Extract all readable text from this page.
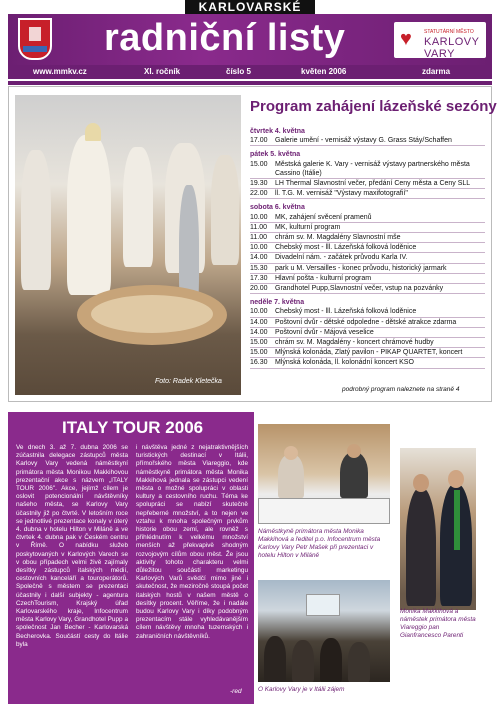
KARLOVARSKÉ
radniční listy	♥ STATUTÁRNÍ MĚSTO
KARLOVY VARY
www.mmkv.cz	XI. ročník	číslo 5	květen 2006	zdarma
Foto: Radek Kletečka
Program zahájení lázeňské sezóny
čtvrtek 4. května
17.00	Galerie umění - vernisáž výstavy G. Grass Stáy/Schaffen
pátek 5. května
15.00	Městská galerie K. Vary - vernisáž výstavy partnerského města Cassino (Itálie)
19.30	LH Thermal Slavnostní večer, předání Ceny města a Ceny SLL
22.00	ll. T.G. M. vernisáž "Výstavy maxifotografií"
sobota 6. května
10.00	MK, zahájení svěcení pramenů
11.00	MK, kulturní program
11.00	chrám sv. M. Magdalény Slavnostní mše
10.00	Chebský most - lll. Lázeňská folková loděnice
14.00	Divadelní nám. - začátek průvodu Karla IV.
15.30	park u M. Versailles - konec průvodu, historický jarmark
17.30	Hlavní pošta - kulturní program
20.00	Grandhotel Pupp,Slavnostní večer, vstup na pozvánky
neděle 7. května
10.00	Chebský most - lll. Lázeňská folková loděnice
14.00	Poštovní dvůr - dětské odpoledne - dětské atrakce zdarma
14.00	Poštovní dvůr - Májová veselice
15.00	chrám sv. M. Magdalény - koncert chrámové hudby
15.00	Mlýnská kolonáda, Zlatý pavilon - PIKAP QUARTET, koncert
16.30	Mlýnská kolonáda, ll. kolonádní koncert KSO
podrobný program naleznete na straně 4
ITALY TOUR 2006
Ve dnech 3. až 7. dubna 2006 se zúčastnila delegace zástupců města Karlovy Vary vedená náměstkyní primátora města Monikou Makkihovou prezentační akce s názvem „ITALY TOUR 2006". Akce, jejímž cílem je oslovit potencionální návštěvníky našeho města, se Karlovy Vary účastnily již po čtvrté. V letošním roce se jednotlivé prezentace konaly v úterý 4. dubna v hotelu Hilton v Miláně a ve čtvrtek 4. dubna pak v Českém centru v Římě. O nabídku služeb poskytovaných v Karlových Varech se v obou případech velmi živě zajímaly desítky zástupců italských médií, cestovních kanceláří a touroperátorů. Společně s městem se prezentaci účastnily i další subjekty - agentura CzechTourism, Krajský úřad Karlovarského kraje, Infocentrum města Karlovy Vary, Grandhotel Pupp a společnost Jan Becher - Karlovarská Becherovka. Součástí cesty do Itálie byla
i návštěva jedné z nejatraktivnějších turistických destinací v Itálii, přímořského města Viareggio, kde náměstkyně primátora města Monika Makkihová jednala se zástupci vedení města o možné spolupráci v oblasti kultury a cestovního ruchu. Téma ke spolupráci se nabízí skutečně nepřeberné množství, a to nejen ve vztahu k mnoha společným prvkům historie obou zemí, ale rovněž s přihlédnutím k velkému množství menších až překvapivě shodným rozvojovým cílům obou měst. Že jsou aktivity tohoto charakteru velmi důležitou součástí marketingu Karlových Varů svědčí mimo jiné i skutečnost, že meziročně stoupá počet italských hostů v našem městě o desítky procent. Věříme, že i nadále budou Karlovy Vary i díky podobným prezentacím stále vyhledávanějším cílem návštěvy mnoha tuzemských i zahraničních návštěvníků.
-red
Náměstkyně primátora města Monika Makkihová a ředitel p.o. Infocentrum města Karlovy Vary Petr Mašek při prezentaci v hotelu Hilton v Miláně
Monika Makkihová a náměstek primátora města Viareggio pan Gianfrancesco Parenti
O Karlovy Vary je v Itálii zájem
